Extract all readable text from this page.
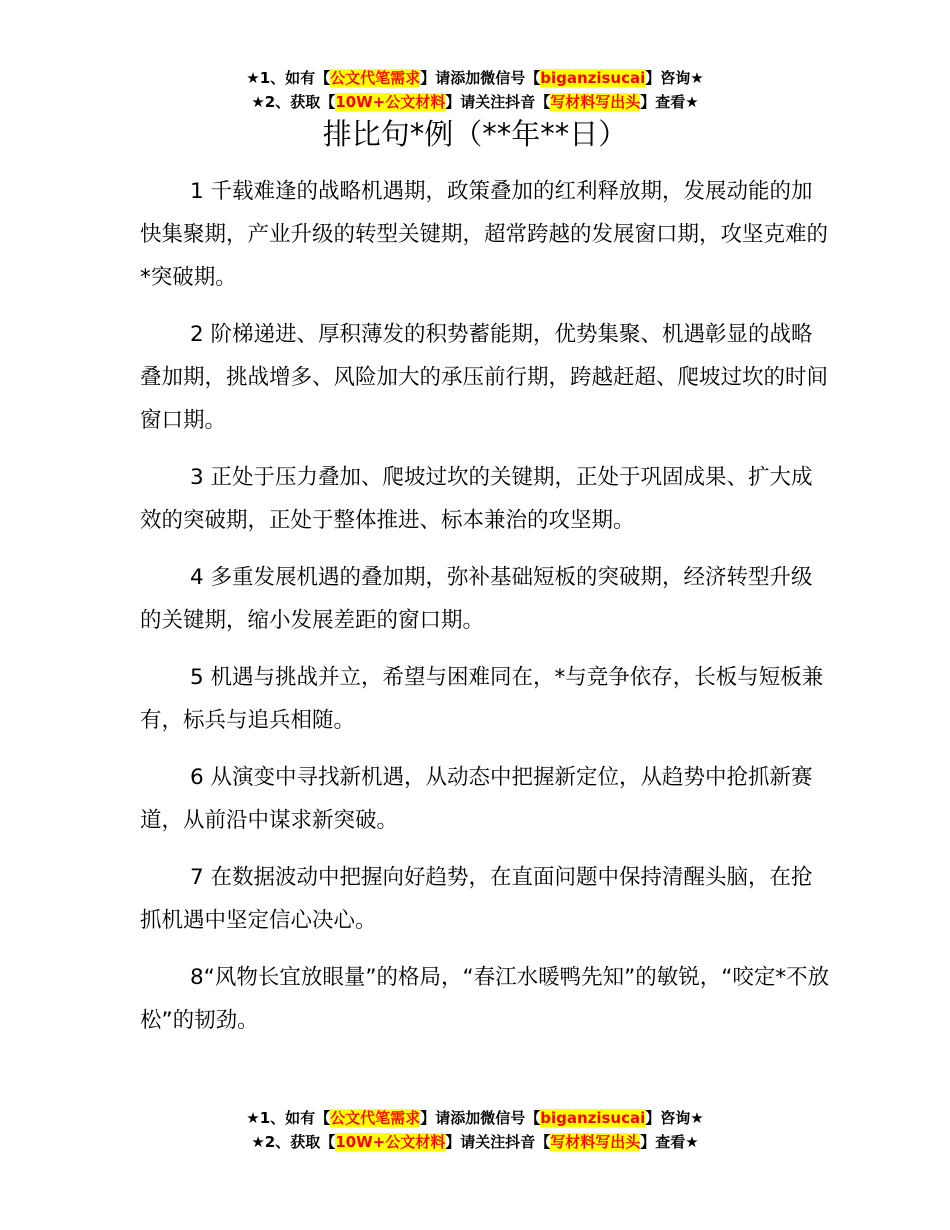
★1、如有【公文代笔需求】请添加微信号【biganzisucai】咨询★
★2、获取【10W+公文材料】请关注抖音【写材料写出头】查看★
排比句*例（**年**日）

1 千载难逢的战略机遇期，政策叠加的红利释放期，发展动能的加快集聚期，产业升级的转型关键期，超常跨越的发展窗口期，攻坚克难的*突破期。

2 阶梯递进、厚积薄发的积势蓄能期，优势集聚、机遇彰显的战略叠加期，挑战增多、风险加大的承压前行期，跨越赶超、爬坡过坎的时间窗口期。

3 正处于压力叠加、爬坡过坎的关键期，正处于巩固成果、扩大成效的突破期，正处于整体推进、标本兼治的攻坚期。

4 多重发展机遇的叠加期，弥补基础短板的突破期，经济转型升级的关键期，缩小发展差距的窗口期。

5 机遇与挑战并立，希望与困难同在，*与竞争依存，长板与短板兼有，标兵与追兵相随。

6 从演变中寻找新机遇，从动态中把握新定位，从趋势中抢抓新赛道，从前沿中谋求新突破。

7 在数据波动中把握向好趋势，在直面问题中保持清醒头脑，在抢抓机遇中坚定信心决心。

8“风物长宜放眼量”的格局，“春江水暖鸭先知”的敏锐，“咬定*不放松”的韧劲。

★1、如有【公文代笔需求】请添加微信号【biganzisucai】咨询★
★2、获取【10W+公文材料】请关注抖音【写材料写出头】查看★
